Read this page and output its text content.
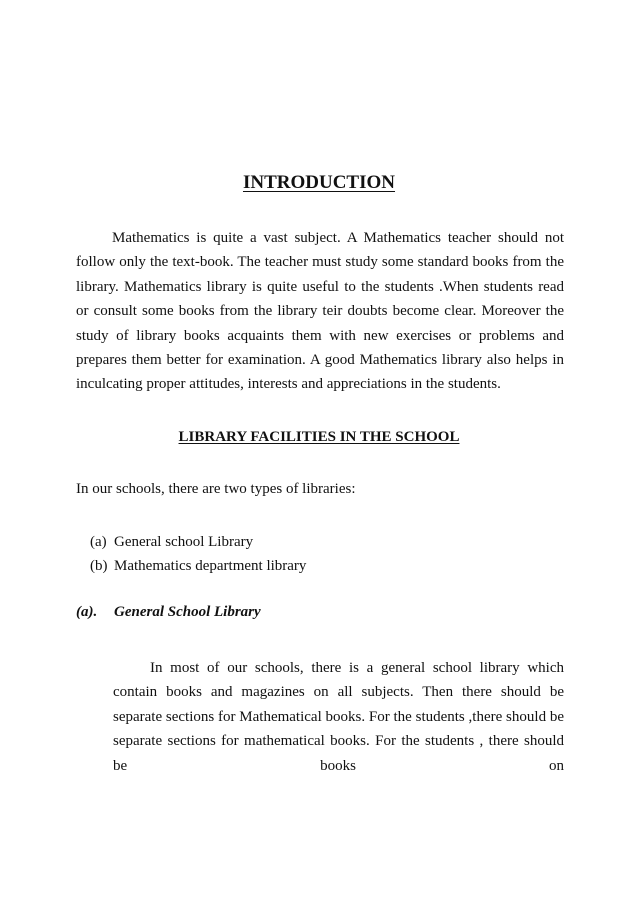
INTRODUCTION

Mathematics is quite a vast subject. A Mathematics teacher should not follow only the text-book. The teacher must study some standard books from the library. Mathematics library is quite useful to the students .When students read or consult some books from the library teir doubts become clear. Moreover the study of library books acquaints them with new exercises or problems and prepares them better for examination. A good Mathematics library also helps in inculcating proper attitudes, interests and appreciations in the students.

LIBRARY FACILITIES IN THE SCHOOL

In our schools, there are two types of libraries:

(a) General school Library
(b) Mathematics department library
(a). General School Library

In most of our schools, there is a general school library which contain books and magazines on all subjects. Then there should be separate sections for Mathematical books. For the students ,there should be separate sections for mathematical books. For the students , there should be books on
